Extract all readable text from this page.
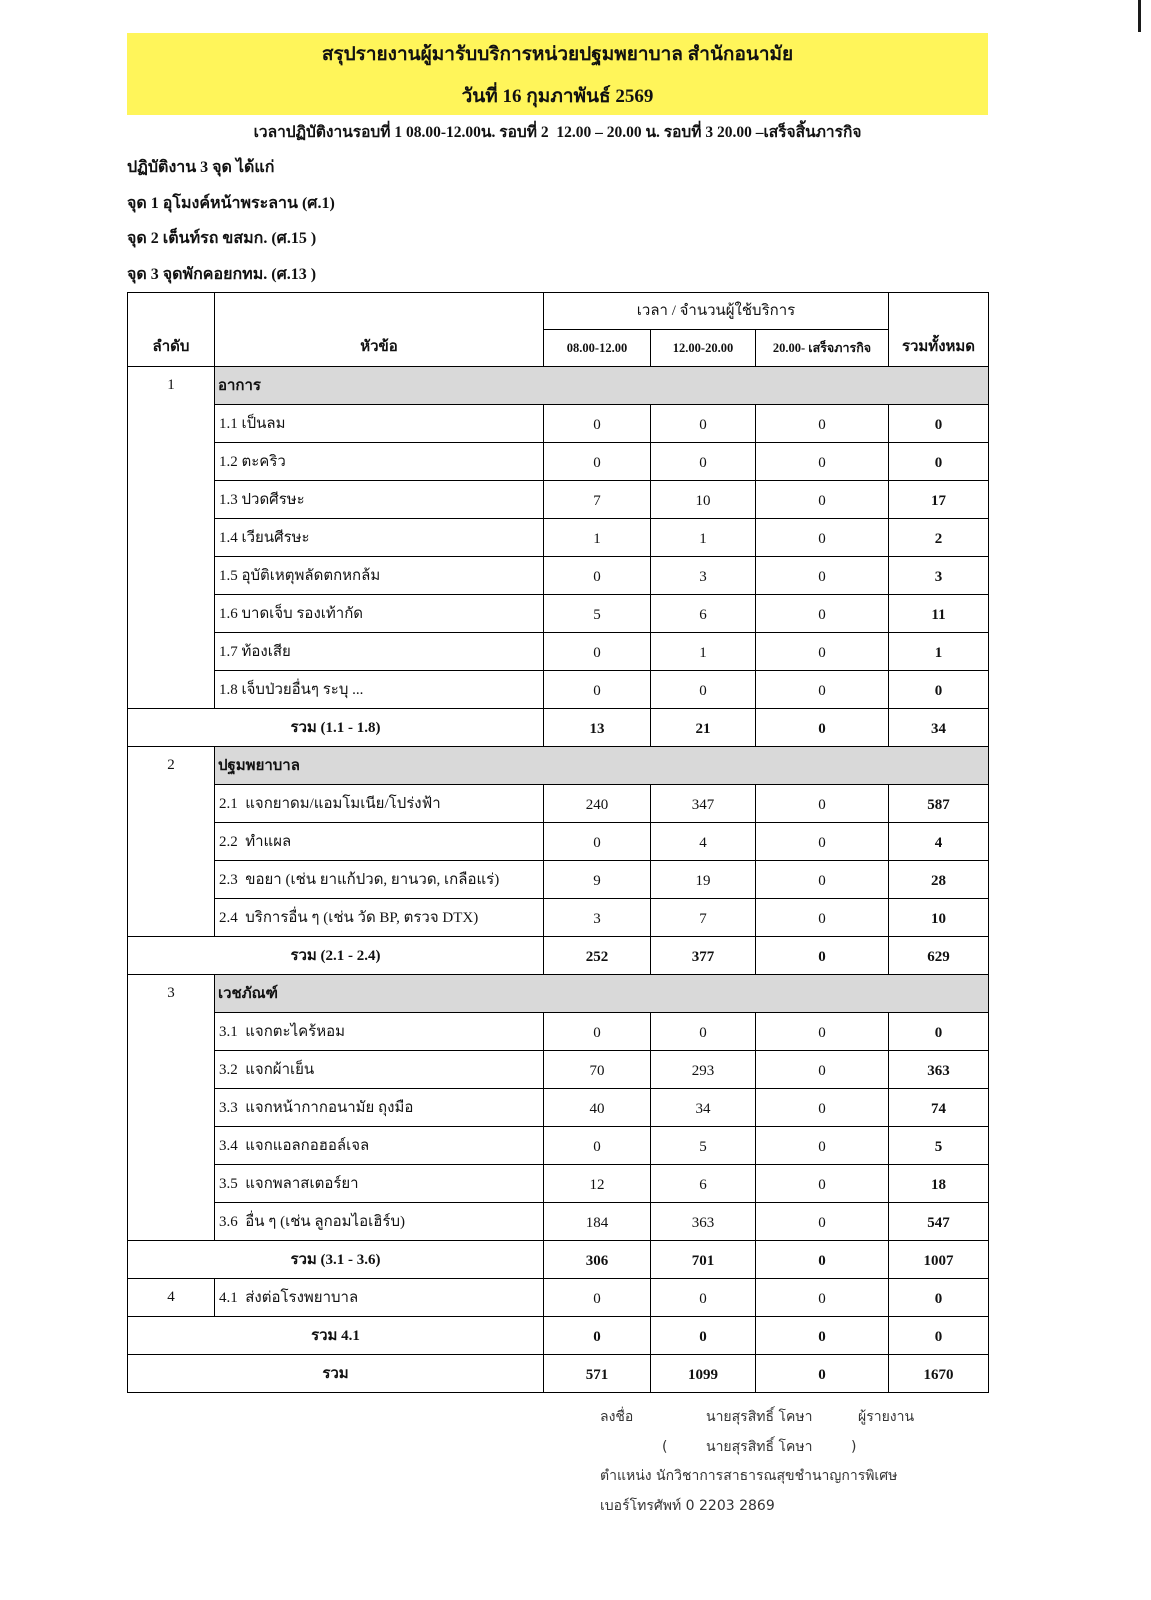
สรุปรายงานผู้มารับบริการหน่วยปฐมพยาบาล สำนักอนามัย
วันที่ 16 กุมภาพันธ์ 2569
เวลาปฏิบัติงานรอบที่ 1 08.00-12.00น. รอบที่ 2  12.00 – 20.00 น. รอบที่ 3 20.00 –เสร็จสิ้นภารกิจ
ปฏิบัติงาน 3 จุด ได้แก่
จุด 1 อุโมงค์หน้าพระลาน (ศ.1)
จุด 2 เต็นท์รถ ขสมก. (ศ.15 )
จุด 3 จุดพักคอยกทม. (ศ.13 )
ลำดับ	หัวข้อ	เวลา / จำนวนผู้ใช้บริการ			รวมทั้งหมด
		08.00-12.00	12.00-20.00	20.00- เสร็จภารกิจ	
1	อาการ				
	1.1 เป็นลม	0	0	0	0
	1.2 ตะคริว	0	0	0	0
	1.3 ปวดศีรษะ	7	10	0	17
	1.4 เวียนศีรษะ	1	1	0	2
	1.5 อุบัติเหตุพลัดตกหกล้ม	0	3	0	3
	1.6 บาดเจ็บ รองเท้ากัด	5	6	0	11
	1.7 ท้องเสีย	0	1	0	1
	1.8 เจ็บป่วยอื่นๆ ระบุ ...	0	0	0	0
รวม (1.1 - 1.8)		13	21	0	34
2	ปฐมพยาบาล				
	2.1  แจกยาดม/แอมโมเนีย/โปร่งฟ้า	240	347	0	587
	2.2  ทำแผล	0	4	0	4
	2.3  ขอยา (เช่น ยาแก้ปวด, ยานวด, เกลือแร่)	9	19	0	28
	2.4  บริการอื่น ๆ (เช่น วัด BP, ตรวจ DTX)	3	7	0	10
รวม (2.1 - 2.4)		252	377	0	629
3	เวชภัณฑ์				
	3.1  แจกตะไคร้หอม	0	0	0	0
	3.2  แจกผ้าเย็น	70	293	0	363
	3.3  แจกหน้ากากอนามัย ถุงมือ	40	34	0	74
	3.4  แจกแอลกอฮอล์เจล	0	5	0	5
	3.5  แจกพลาสเตอร์ยา	12	6	0	18
	3.6  อื่น ๆ (เช่น ลูกอมไอเฮิร์บ)	184	363	0	547
รวม (3.1 - 3.6)		306	701	0	1007
4	4.1  ส่งต่อโรงพยาบาล	0	0	0	0
รวม 4.1		0	0	0	0
รวม		571	1099	0	1670
ลงชื่อ	นายสุรสิทธิ์ โคษา	ผู้รายงาน
(	นายสุรสิทธิ์ โคษา	)
ตำแหน่ง นักวิชาการสาธารณสุขชำนาญการพิเศษ
เบอร์โทรศัพท์ 0 2203 2869
